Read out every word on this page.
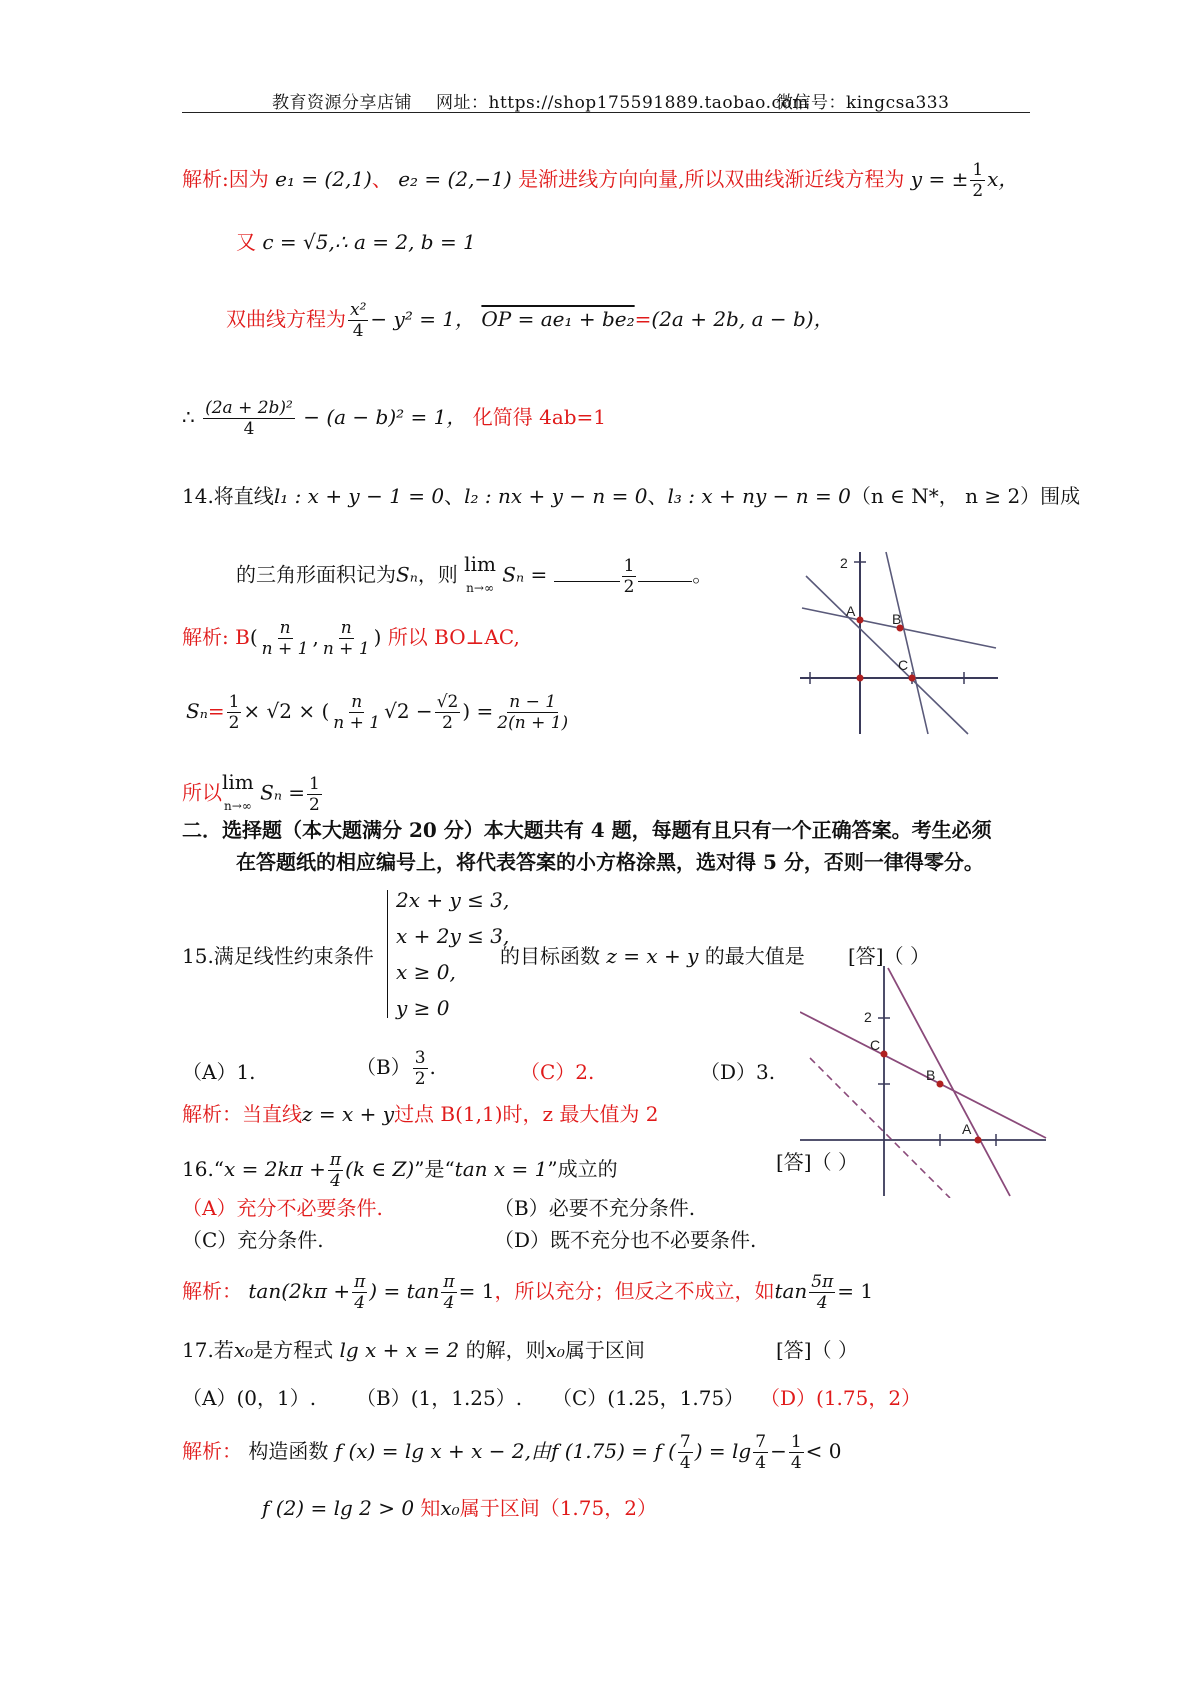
教育资源分享店铺 网址：https://shop175591889.taobao.com
微信号：kingcsa333
解析:因为 e₁ = (2,1)、 e₂ = (2,−1) 是渐进线方向向量,所以双曲线渐近线方程为 y = ± $\frac{1}{2}$ x，
又 c = √5,∴ a = 2, b = 1
双曲线方程为 $\frac{\text{x²}}{4} - y^2 = 1$， OP = ae₁ + be₂=(2a + 2b, a − b)，
∴ $\frac{\text{(2a + 2b)²}}{4} - (a - b)^2 = 1$， 化简得 4ab=1
14.将直线l₁ : x + y − 1 = 0、l₂ : nx + y − n = 0、l₃ : x + ny − n = 0（n ∈ N*， n ≥ 2）围成
的三角形面积记为Sₙ，则 lim
n→∞
Sₙ =	$\frac{1}{2}$	。
解析: $B( \frac{n}{n + 1}$ , $\frac{n}{n + 1}$ ) 所以 BO⊥AC,
$S_n= \frac{1}{2} \times √2$ × ( $\frac{n}{n + 1} √2 - \frac{√2}{2}$ ) = $\frac{n - 1}{2(n + 1)}$
所以 lim
n→∞
$S_n = \frac{1}{2}$
2
A	B
C
二．选择题（本大题满分 20 分）本大题共有 4 题，每题有且只有一个正确答案。考生必须
在答题纸的相应编号上，将代表答案的小方格涂黑，选对得 5 分，否则一律得零分。
2x + y ≤ 3,
x + 2y ≤ 3,
x ≥ 0,
y ≥ 0
15.满足线性约束条件	的目标函数 z = x + y 的最大值是 [答]（ ）
（A）1.	$(B) \frac{3}{2}$ .	（C）2.	（D）3.
解析：当直线z = x + y过点 B(1,1)时，z 最大值为 2
2
C
B
A
16.“x = $2k\pi + \frac{\pi}{4} (k$ ∈ Z)”是“tan x = 1”成立的	[答]（ ）
（A）充分不必要条件.	（B）必要不充分条件.
（C）充分条件.	（D）既不充分也不必要条件.
解析： $\tan(2k\pi + \frac{\pi}{4}$ ) = $\tan \frac{\pi}{4} = 1$，所以充分；但反之不成立，如$\tan \frac{5\pi}{4} = 1$
17.若x₀是方程式 lg x + x = 2 的解，则x₀属于区间	[答]（ ）
（A）(0，1）. （B）(1，1.25）. （C）(1.25，1.75） （D）(1.75，2）
解析： 构造函数 f (x) = lg x + x − 2,由f (1.75) = f ( $\frac{7}{4}$ ) = $\lg \frac{7}{4} - \frac{1}{4} < 0$
f (2) = lg 2 > 0 知x₀属于区间（1.75，2）
